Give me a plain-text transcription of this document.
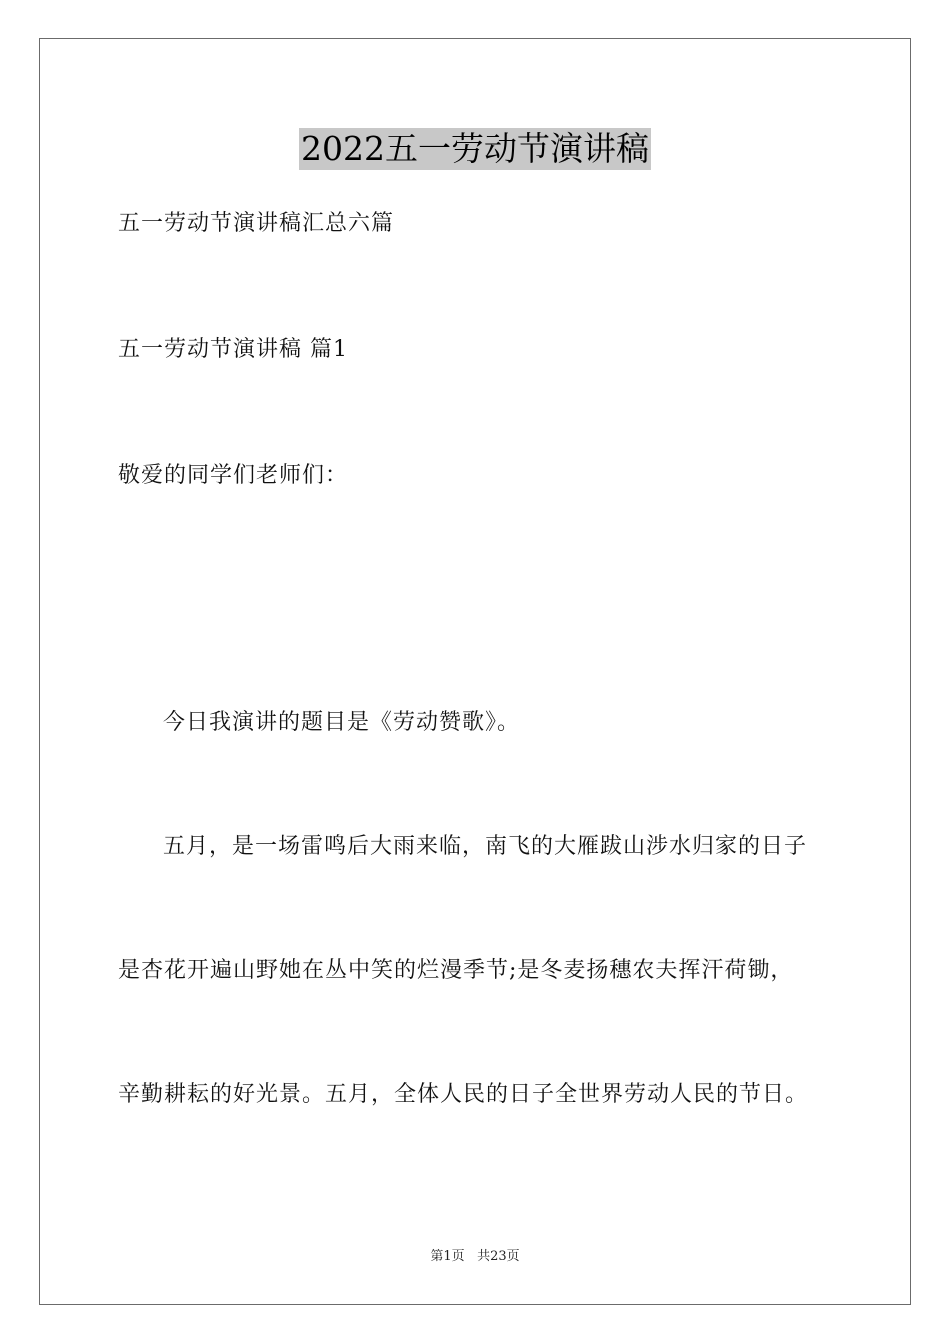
2022五一劳动节演讲稿
五一劳动节演讲稿汇总六篇
五一劳动节演讲稿 篇1
敬爱的同学们老师们：
今日我演讲的题目是《劳动赞歌》。
五月，是一场雷鸣后大雨来临，南飞的大雁跋山涉水归家的日子
是杏花开遍山野她在丛中笑的烂漫季节;是冬麦扬穗农夫挥汗荷锄，
辛勤耕耘的好光景。五月，全体人民的日子全世界劳动人民的节日。
第1页 共23页
